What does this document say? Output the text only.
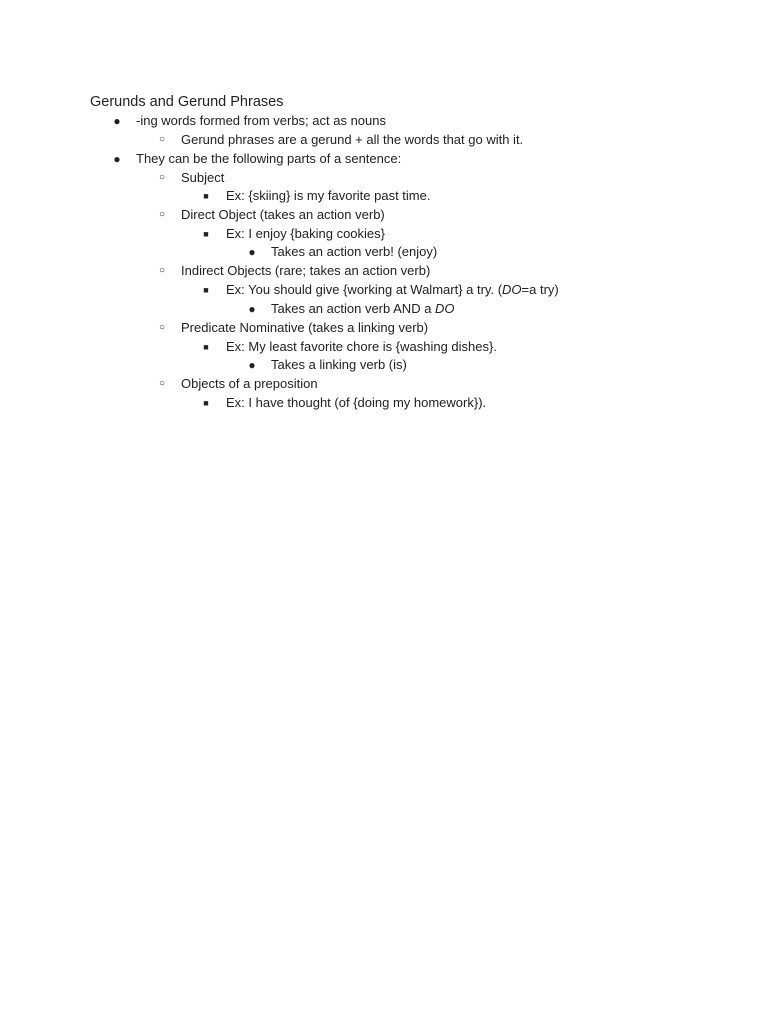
Gerunds and Gerund Phrases
●	-ing words formed from verbs; act as nouns
○	Gerund phrases are a gerund + all the words that go with it.
●	They can be the following parts of a sentence:
○	Subject
■	Ex: {skiing} is my favorite past time.
○	Direct Object (takes an action verb)
■	Ex: I enjoy {baking cookies}
●	Takes an action verb! (enjoy)
○	Indirect Objects (rare; takes an action verb)
■	Ex: You should give {working at Walmart} a try. (DO=a try)
●	Takes an action verb AND a DO
○	Predicate Nominative (takes a linking verb)
■	Ex: My least favorite chore is {washing dishes}.
●	Takes a linking verb (is)
○	Objects of a preposition
■	Ex: I have thought (of {doing my homework}).
